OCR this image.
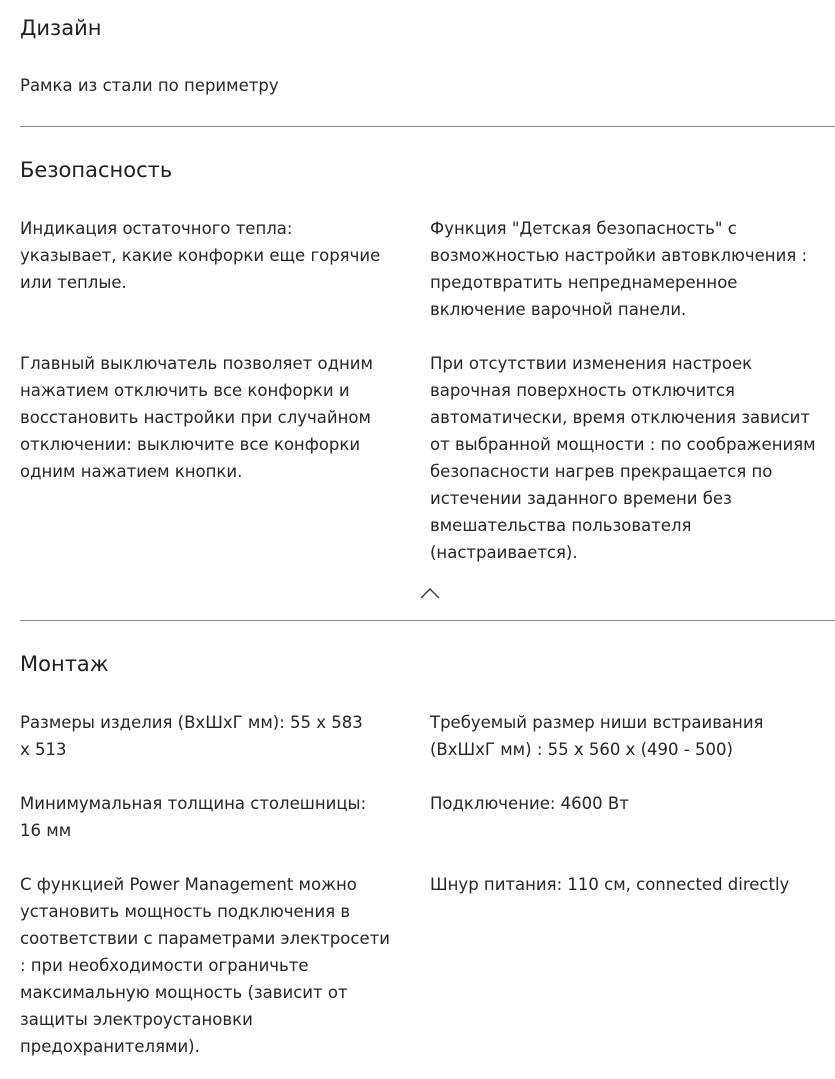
Дизайн

Рамка из стали по периметру

Безопасность

Индикация остаточного тепла:
указывает, какие конфорки еще горячие
или теплые.

Функция "Детская безопасность" с
возможностью настройки автовключения :
предотвратить непреднамеренное
включение варочной панели.

Главный выключатель позволяет одним
нажатием отключить все конфорки и
восстановить настройки при случайном
отключении: выключите все конфорки
одним нажатием кнопки.

При отсутствии изменения настроек
варочная поверхность отключится
автоматически, время отключения зависит
от выбранной мощности : по соображениям
безопасности нагрев прекращается по
истечении заданного времени без
вмешательства пользователя
(настраивается).

Монтаж

Размеры изделия (ВхШхГ мм): 55 x 583
x 513

Требуемый размер ниши встраивания
(ВхШхГ мм) : 55 x 560 x (490 - 500)

Минимумальная толщина столешницы:
16 мм

Подключение: 4600 Вт

С функцией Power Management можно
установить мощность подключения в
соответствии с параметрами электросети
: при необходимости ограничьте
максимальную мощность (зависит от
защиты электроустановки
предохранителями).

Шнур питания: 110 см, connected directly
